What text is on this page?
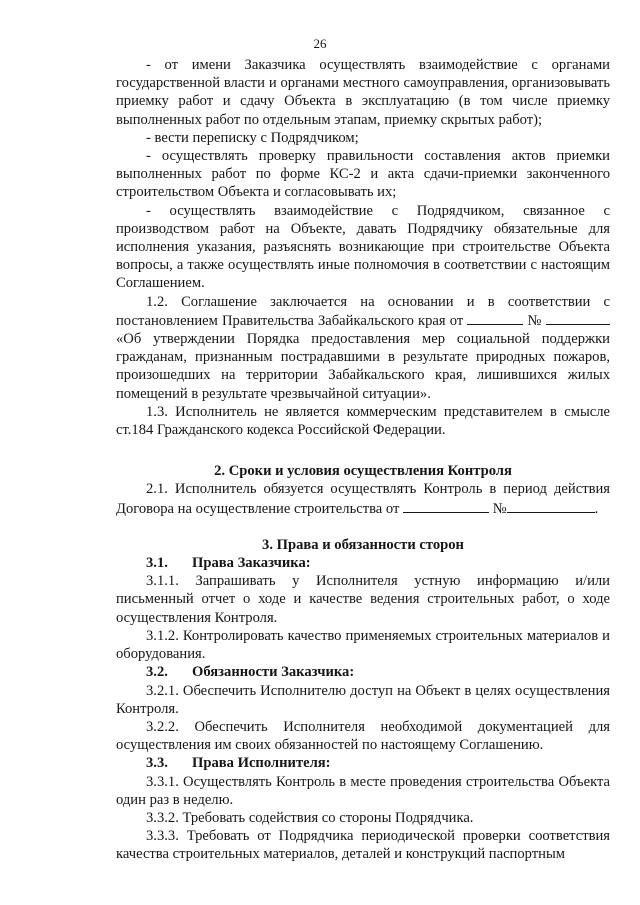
26

- от имени Заказчика осуществлять взаимодействие с органами государственной власти и органами местного самоуправления, организовывать приемку работ и сдачу Объекта в эксплуатацию (в том числе приемку выполненных работ по отдельным этапам, приемку скрытых работ);

- вести переписку с Подрядчиком;

- осуществлять проверку правильности составления актов приемки выполненных работ по форме КС-2 и акта сдачи-приемки законченного строительством Объекта и согласовывать их;

- осуществлять взаимодействие с Подрядчиком, связанное с производством работ на Объекте, давать Подрядчику обязательные для исполнения указания, разъяснять возникающие при строительстве Объекта вопросы, а также осуществлять иные полномочия в соответствии с настоящим Соглашением.

1.2. Соглашение заключается на основании и в соответствии с постановлением Правительства Забайкальского края от	№  «Об утверждении Порядка предоставления мер социальной поддержки гражданам, признанным пострадавшими в результате природных пожаров, произошедших на территории Забайкальского края, лишившихся жилых помещений в результате чрезвычайной ситуации».

1.3. Исполнитель не является коммерческим представителем в смысле ст.184 Гражданского кодекса Российской Федерации.

2. Сроки и условия осуществления Контроля

2.1. Исполнитель обязуется осуществлять Контроль в период действия Договора на осуществление строительства от	№	.

3. Права и обязанности сторон

3.1. Права Заказчика:

3.1.1. Запрашивать у Исполнителя устную информацию и/или письменный отчет о ходе и качестве ведения строительных работ, о ходе осуществления Контроля.

3.1.2. Контролировать качество применяемых строительных материалов и оборудования.

3.2. Обязанности Заказчика:

3.2.1. Обеспечить Исполнителю доступ на Объект в целях осуществления Контроля.

3.2.2. Обеспечить Исполнителя необходимой документацией для осуществления им своих обязанностей по настоящему Соглашению.

3.3. Права Исполнителя:

3.3.1. Осуществлять Контроль в месте проведения строительства Объекта один раз в неделю.

3.3.2. Требовать содействия со стороны Подрядчика.

3.3.3. Требовать от Подрядчика периодической проверки соответствия качества строительных материалов, деталей и конструкций паспортным
